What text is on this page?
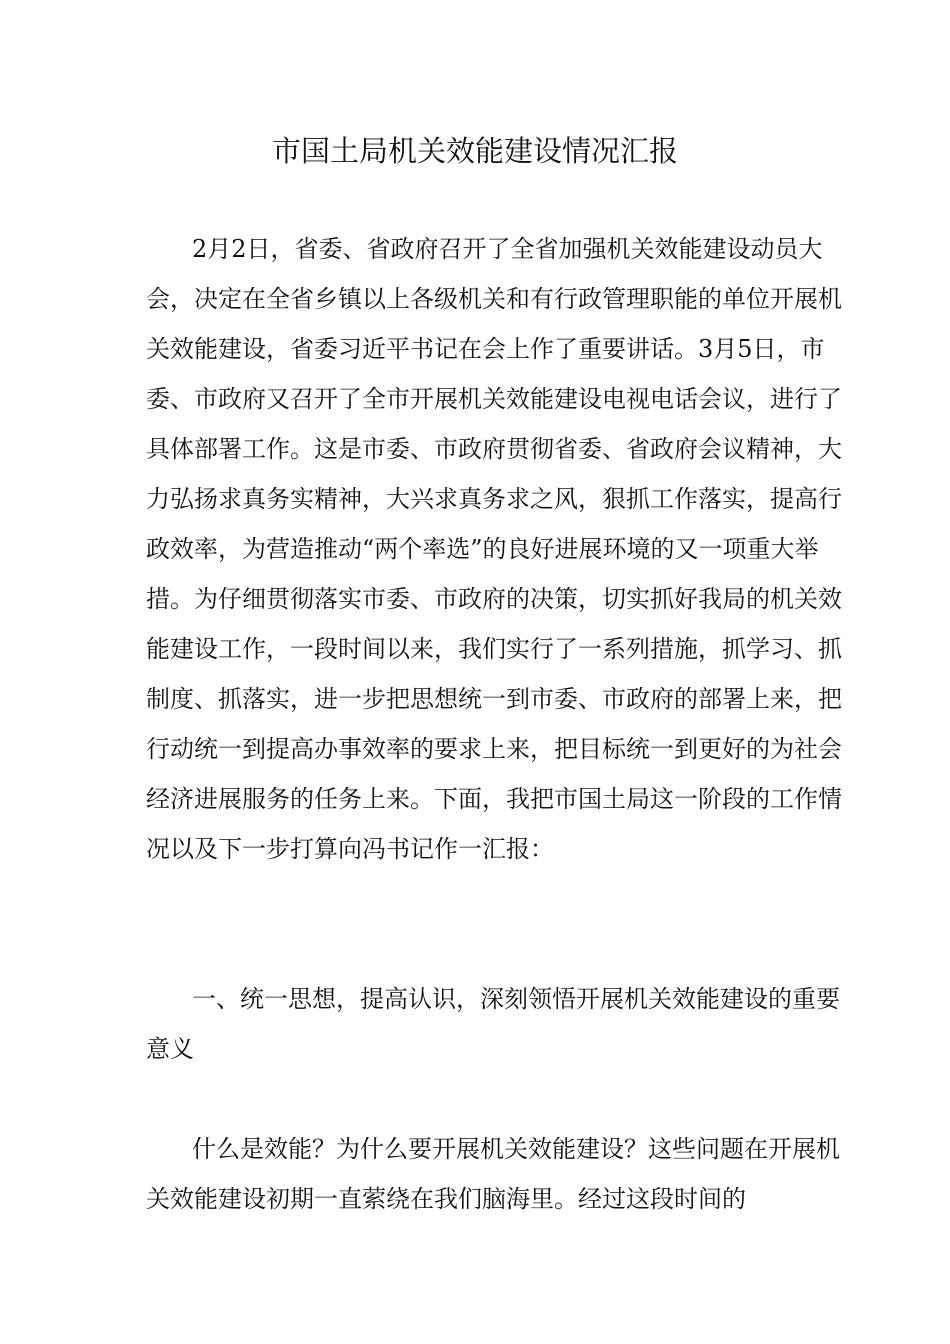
市国土局机关效能建设情况汇报
2月2日，省委、省政府召开了全省加强机关效能建设动员大会，决定在全省乡镇以上各级机关和有行政管理职能的单位开展机关效能建设，省委习近平书记在会上作了重要讲话。3月5日，市委、市政府又召开了全市开展机关效能建设电视电话会议，进行了具体部署工作。这是市委、市政府贯彻省委、省政府会议精神，大力弘扬求真务实精神，大兴求真务求之风，狠抓工作落实，提高行政效率，为营造推动“两个率选”的良好进展环境的又一项重大举措。为仔细贯彻落实市委、市政府的决策，切实抓好我局的机关效能建设工作，一段时间以来，我们实行了一系列措施，抓学习、抓制度、抓落实，进一步把思想统一到市委、市政府的部署上来，把行动统一到提高办事效率的要求上来，把目标统一到更好的为社会经济进展服务的任务上来。下面，我把市国土局这一阶段的工作情况以及下一步打算向冯书记作一汇报：
一、统一思想，提高认识，深刻领悟开展机关效能建设的重要意义
什么是效能？为什么要开展机关效能建设？这些问题在开展机关效能建设初期一直萦绕在我们脑海里。经过这段时间的
